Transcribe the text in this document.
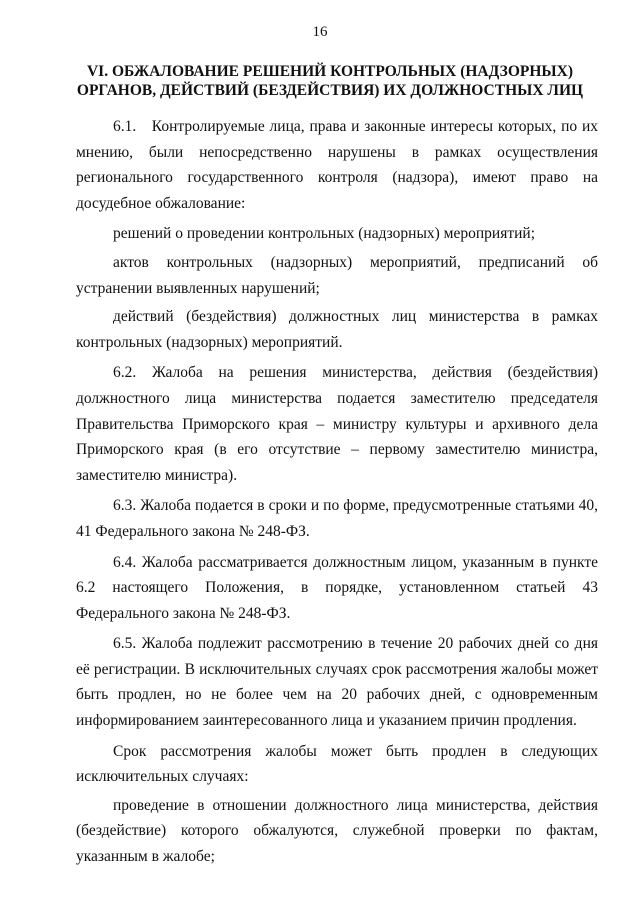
16
VI. ОБЖАЛОВАНИЕ РЕШЕНИЙ КОНТРОЛЬНЫХ (НАДЗОРНЫХ)
ОРГАНОВ, ДЕЙСТВИЙ (БЕЗДЕЙСТВИЯ) ИХ ДОЛЖНОСТНЫХ ЛИЦ

6.1. Контролируемые лица, права и законные интересы которых, по их мнению, были непосредственно нарушены в рамках осуществления регионального государственного контроля (надзора), имеют право на досудебное обжалование:

решений о проведении контрольных (надзорных) мероприятий;

актов контрольных (надзорных) мероприятий, предписаний об устранении выявленных нарушений;

действий (бездействия) должностных лиц министерства в рамках контрольных (надзорных) мероприятий.

6.2. Жалоба на решения министерства, действия (бездействия) должностного лица министерства подается заместителю председателя Правительства Приморского края – министру культуры и архивного дела Приморского края (в его отсутствие – первому заместителю министра, заместителю министра).

6.3. Жалоба подается в сроки и по форме, предусмотренные статьями 40, 41 Федерального закона № 248-ФЗ.

6.4. Жалоба рассматривается должностным лицом, указанным в пункте 6.2 настоящего Положения, в порядке, установленном статьей 43 Федерального закона № 248-ФЗ.

6.5. Жалоба подлежит рассмотрению в течение 20 рабочих дней со дня её регистрации. В исключительных случаях срок рассмотрения жалобы может быть продлен, но не более чем на 20 рабочих дней, с одновременным информированием заинтересованного лица и указанием причин продления.

Срок рассмотрения жалобы может быть продлен в следующих исключительных случаях:

проведение в отношении должностного лица министерства, действия (бездействие) которого обжалуются, служебной проверки по фактам, указанным в жалобе;
